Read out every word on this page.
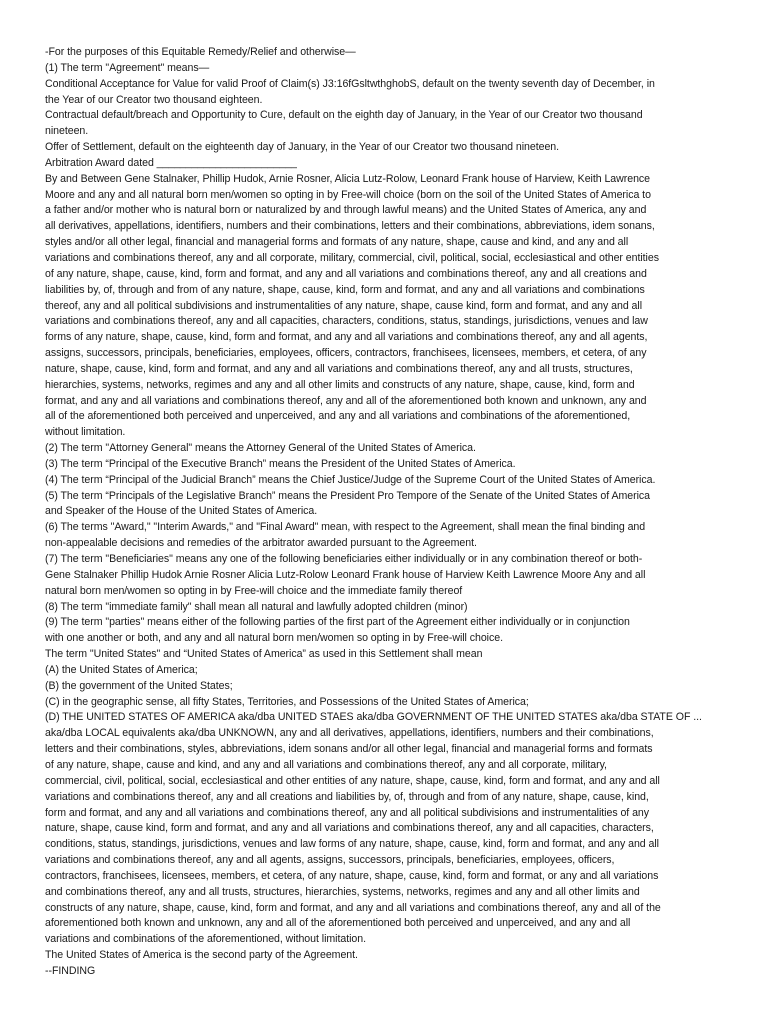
-For the purposes of this Equitable Remedy/Relief and otherwise—
(1) The term "Agreement" means—
Conditional Acceptance for Value for valid Proof of Claim(s) J3:16fGsltwthghobS, default on the twenty seventh day of December, in
the Year of our Creator two thousand eighteen.
Contractual default/breach and Opportunity to Cure, default on the eighth day of January, in the Year of our Creator two thousand
nineteen.
Offer of Settlement, default on the eighteenth day of January, in the Year of our Creator two thousand nineteen.
Arbitration Award dated ________________________
By and Between Gene Stalnaker, Phillip Hudok, Arnie Rosner, Alicia Lutz-Rolow, Leonard Frank house of Harview, Keith Lawrence
Moore and any and all natural born men/women so opting in by Free-will choice (born on the soil of the United States of America to
a father and/or mother who is natural born or naturalized by and through lawful means) and the United States of America, any and
all derivatives, appellations, identifiers, numbers and their combinations, letters and their combinations, abbreviations, idem sonans,
styles and/or all other legal, financial and managerial forms and formats of any nature, shape, cause and kind, and any and all
variations and combinations thereof, any and all corporate, military, commercial, civil, political, social, ecclesiastical and other entities
of any nature, shape, cause, kind, form and format, and any and all variations and combinations thereof, any and all creations and
liabilities by, of, through and from of any nature, shape, cause, kind, form and format, and any and all variations and combinations
thereof, any and all political subdivisions and instrumentalities of any nature, shape, cause kind, form and format, and any and all
variations and combinations thereof, any and all capacities, characters, conditions, status, standings, jurisdictions, venues and law
forms of any nature, shape, cause, kind, form and format, and any and all variations and combinations thereof, any and all agents,
assigns, successors, principals, beneficiaries, employees, officers, contractors, franchisees, licensees, members, et cetera, of any
nature, shape, cause, kind, form and format, and any and all variations and combinations thereof, any and all trusts, structures,
hierarchies, systems, networks, regimes and any and all other limits and constructs of any nature, shape, cause, kind, form and
format, and any and all variations and combinations thereof, any and all of the aforementioned both known and unknown, any and
all of the aforementioned both perceived and unperceived, and any and all variations and combinations of the aforementioned,
without limitation.
(2) The term "Attorney General" means the Attorney General of the United States of America.
(3) The term “Principal of the Executive Branch” means the President of the United States of America.
(4) The term “Principal of the Judicial Branch” means the Chief Justice/Judge of the Supreme Court of the United States of America.
(5) The term “Principals of the Legislative Branch” means the President Pro Tempore of the Senate of the United States of America
and Speaker of the House of the United States of America.
(6) The terms "Award," "Interim Awards," and "Final Award" mean, with respect to the Agreement, shall mean the final binding and
non-appealable decisions and remedies of the arbitrator awarded pursuant to the Agreement.
(7) The term "Beneficiaries" means any one of the following beneficiaries either individually or in any combination thereof or both-
Gene Stalnaker Phillip Hudok Arnie Rosner Alicia Lutz-Rolow Leonard Frank house of Harview Keith Lawrence Moore Any and all
natural born men/women so opting in by Free-will choice and the immediate family thereof
(8) The term "immediate family" shall mean all natural and lawfully adopted children (minor)
(9) The term "parties" means either of the following parties of the first part of the Agreement either individually or in conjunction
with one another or both, and any and all natural born men/women so opting in by Free-will choice.
The term "United States" and “United States of America” as used in this Settlement shall mean
(A) the United States of America;
(B) the government of the United States;
(C) in the geographic sense, all fifty States, Territories, and Possessions of the United States of America;
(D) THE UNITED STATES OF AMERICA aka/dba UNITED STAES aka/dba GOVERNMENT OF THE UNITED STATES aka/dba STATE OF ...
aka/dba LOCAL equivalents aka/dba UNKNOWN, any and all derivatives, appellations, identifiers, numbers and their combinations,
letters and their combinations, styles, abbreviations, idem sonans and/or all other legal, financial and managerial forms and formats
of any nature, shape, cause and kind, and any and all variations and combinations thereof, any and all corporate, military,
commercial, civil, political, social, ecclesiastical and other entities of any nature, shape, cause, kind, form and format, and any and all
variations and combinations thereof, any and all creations and liabilities by, of, through and from of any nature, shape, cause, kind,
form and format, and any and all variations and combinations thereof, any and all political subdivisions and instrumentalities of any
nature, shape, cause kind, form and format, and any and all variations and combinations thereof, any and all capacities, characters,
conditions, status, standings, jurisdictions, venues and law forms of any nature, shape, cause, kind, form and format, and any and all
variations and combinations thereof, any and all agents, assigns, successors, principals, beneficiaries, employees, officers,
contractors, franchisees, licensees, members, et cetera, of any nature, shape, cause, kind, form and format, or any and all variations
and combinations thereof, any and all trusts, structures, hierarchies, systems, networks, regimes and any and all other limits and
constructs of any nature, shape, cause, kind, form and format, and any and all variations and combinations thereof, any and all of the
aforementioned both known and unknown, any and all of the aforementioned both perceived and unperceived, and any and all
variations and combinations of the aforementioned, without limitation.
The United States of America is the second party of the Agreement.
--FINDING
